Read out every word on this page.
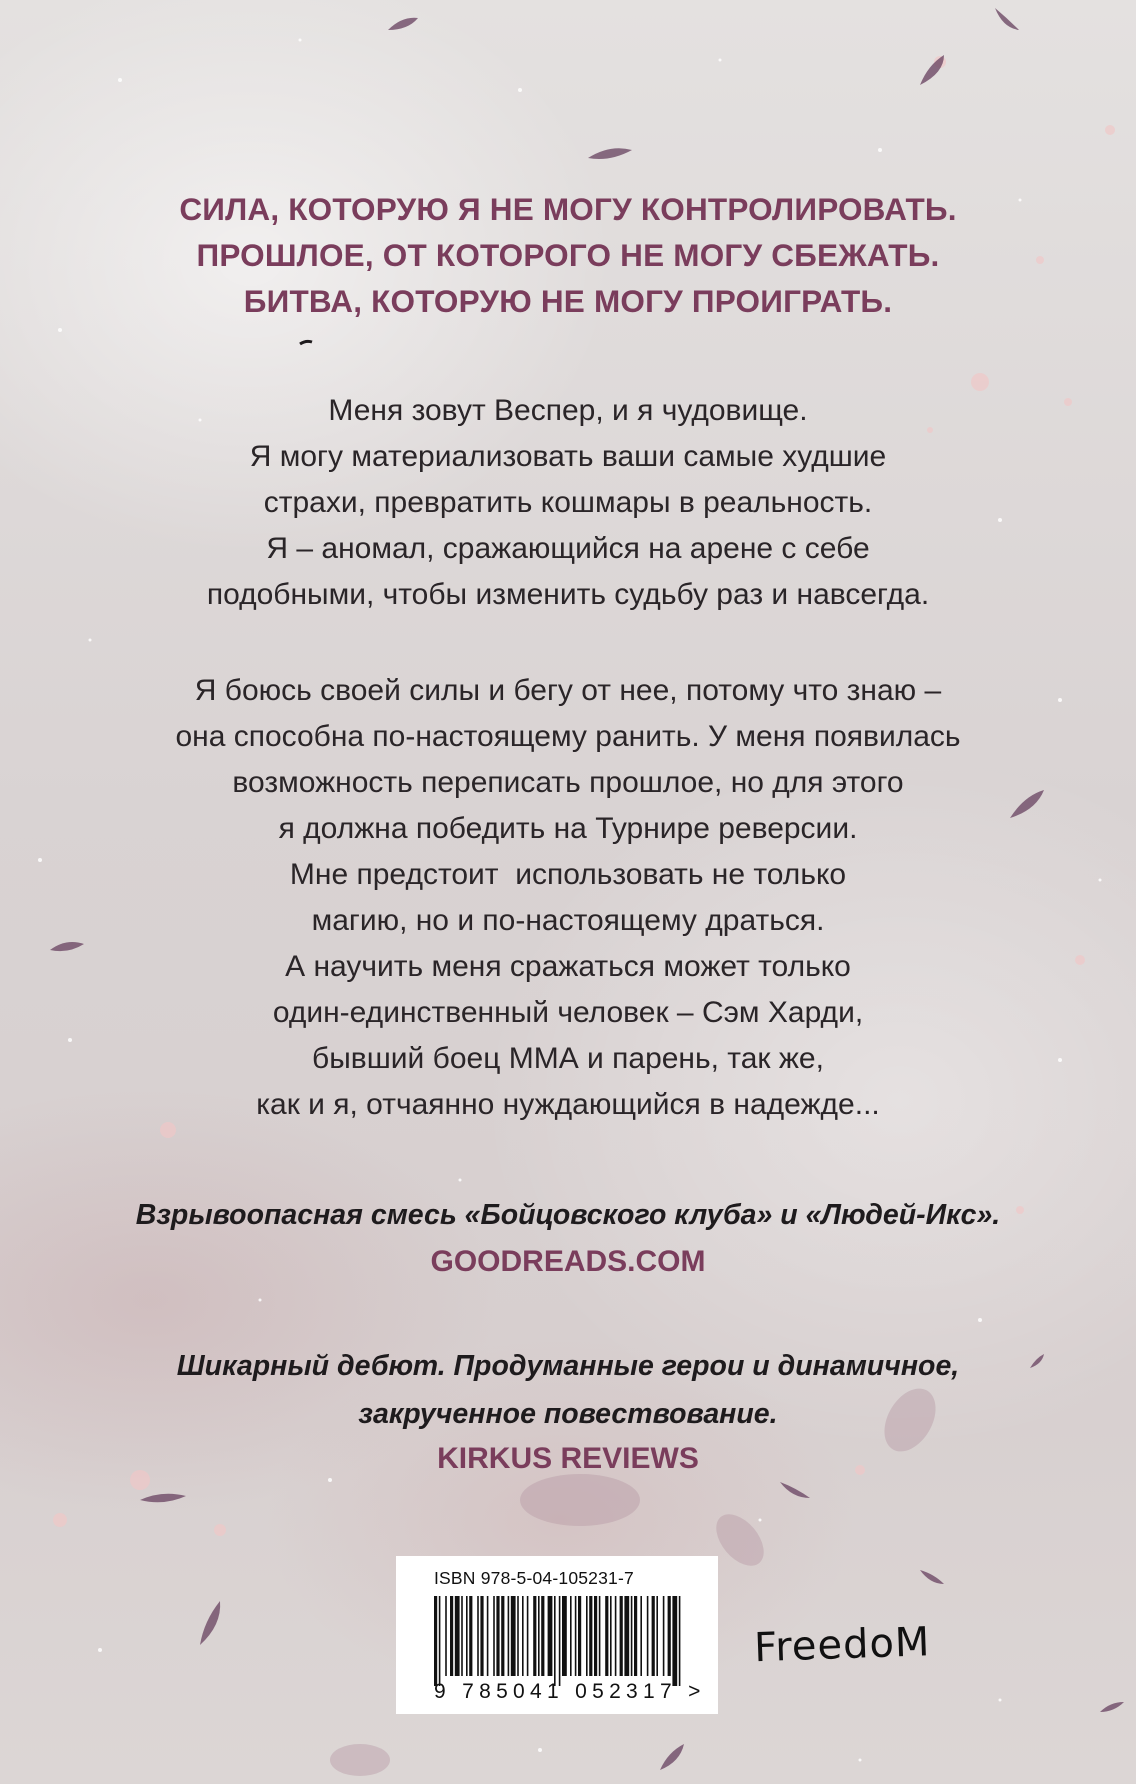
СИЛА, КОТОРУЮ Я НЕ МОГУ КОНТРОЛИРОВАТЬ.
ПРОШЛОЕ, ОТ КОТОРОГО НЕ МОГУ СБЕЖАТЬ.
БИТВА, КОТОРУЮ НЕ МОГУ ПРОИГРАТЬ.

Меня зовут Веспер, и я чудовище.
Я могу материализовать ваши самые худшие
страхи, превратить кошмары в реальность.
Я – аномал, сражающийся на арене с себе
подобными, чтобы изменить судьбу раз и навсегда.

Я боюсь своей силы и бегу от нее, потому что знаю –
она способна по-настоящему ранить. У меня появилась
возможность переписать прошлое, но для этого
я должна победить на Турнире реверсии.
Мне предстоит  использовать не только
магию, но и по-настоящему драться.
А научить меня сражаться может только
один-единственный человек – Сэм Харди,
бывший боец ММА и парень, так же,
как и я, отчаянно нуждающийся в надежде...

Взрывоопасная смесь «Бойцовского клуба» и «Людей-Икс».

GOODREADS.COM

Шикарный дебют. Продуманные герои и динамичное,
закрученное повествование.

KIRKUS REVIEWS

ISBN 978-5-04-105231-7
9 785041 052317 >
FreedoM
